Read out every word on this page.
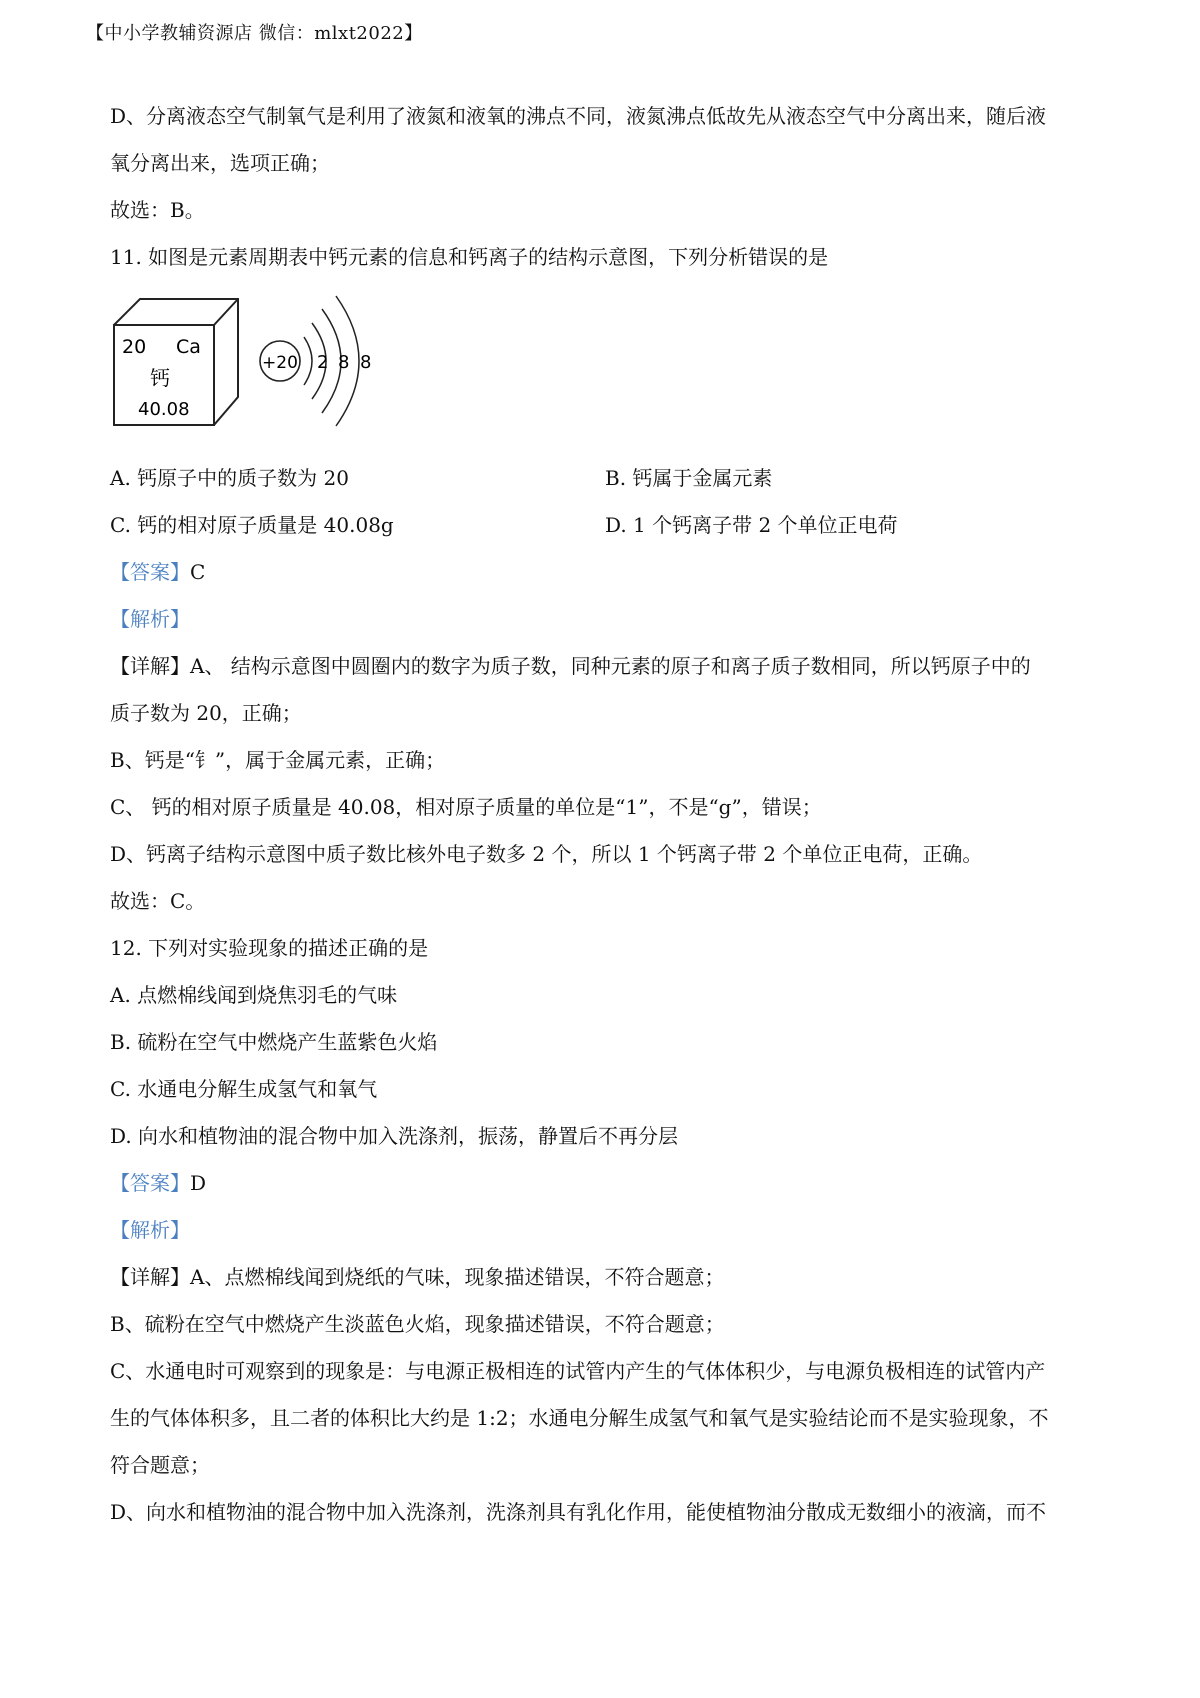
【中小学教辅资源店 微信：mlxt2022】

D、分离液态空气制氧气是利用了液氮和液氧的沸点不同，液氮沸点低故先从液态空气中分离出来，随后液

氧分离出来，选项正确；

故选：B。

11. 如图是元素周期表中钙元素的信息和钙离子的结构示意图，下列分析错误的是

20 Ca
钙
40.08
+20 2 8 8
A. 钙原子中的质子数为 20	B. 钙属于金属元素
C. 钙的相对原子质量是 40.08g	D. 1 个钙离子带 2 个单位正电荷

【答案】C

【解析】

【详解】A、 结构示意图中圆圈内的数字为质子数，同种元素的原子和离子质子数相同，所以钙原子中的

质子数为 20，正确；

B、钙是“钅”，属于金属元素，正确；

C、 钙的相对原子质量是 40.08，相对原子质量的单位是“1”，不是“g”，错误；

D、钙离子结构示意图中质子数比核外电子数多 2 个，所以 1 个钙离子带 2 个单位正电荷，正确。

故选：C。

12. 下列对实验现象的描述正确的是

A. 点燃棉线闻到烧焦羽毛的气味

B. 硫粉在空气中燃烧产生蓝紫色火焰

C. 水通电分解生成氢气和氧气

D. 向水和植物油的混合物中加入洗涤剂，振荡，静置后不再分层

【答案】D

【解析】

【详解】A、点燃棉线闻到烧纸的气味，现象描述错误，不符合题意；

B、硫粉在空气中燃烧产生淡蓝色火焰，现象描述错误，不符合题意；

C、水通电时可观察到的现象是：与电源正极相连的试管内产生的气体体积少，与电源负极相连的试管内产

生的气体体积多，且二者的体积比大约是 1:2；水通电分解生成氢气和氧气是实验结论而不是实验现象，不

符合题意；

D、向水和植物油的混合物中加入洗涤剂，洗涤剂具有乳化作用，能使植物油分散成无数细小的液滴，而不
